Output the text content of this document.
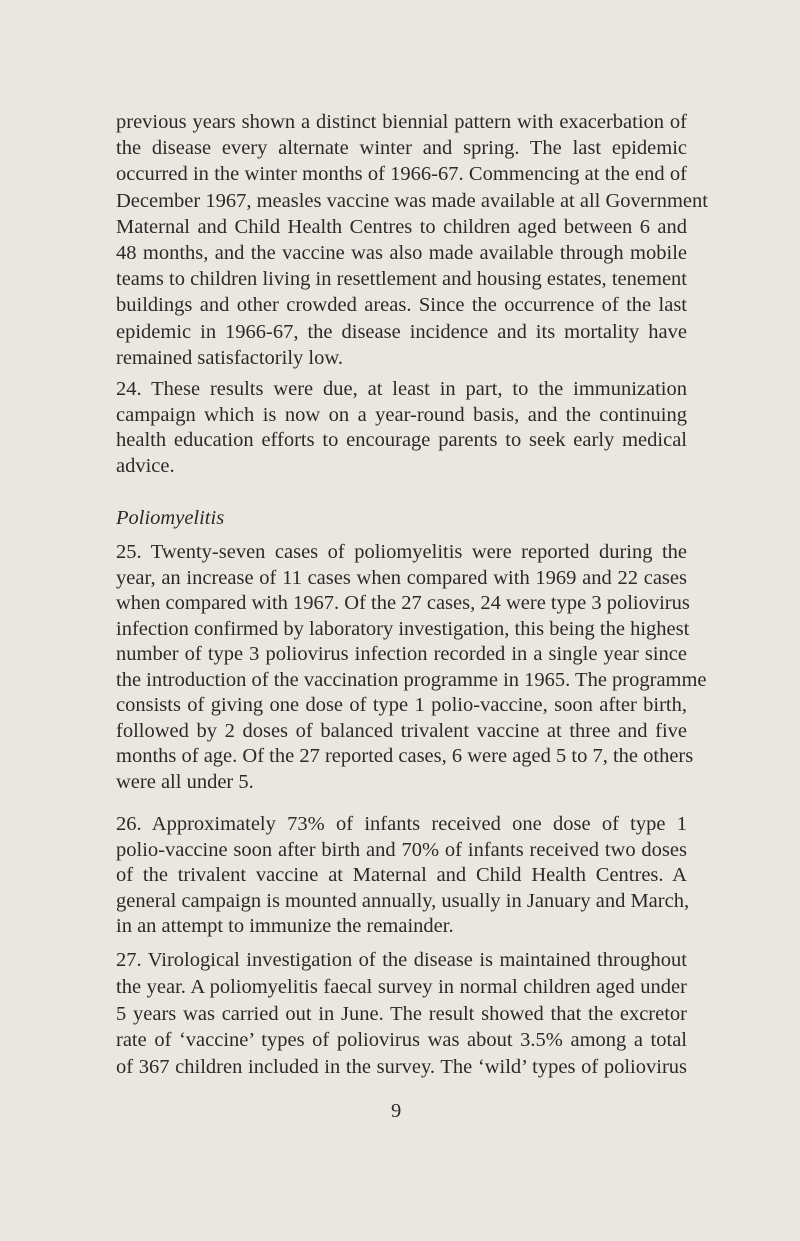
previous years shown a distinct biennial pattern with exacerbation of
the disease every alternate winter and spring. The last epidemic
occurred in the winter months of 1966-67. Commencing at the end of
December 1967, measles vaccine was made available at all Government
Maternal and Child Health Centres to children aged between 6 and
48 months, and the vaccine was also made available through mobile
teams to children living in resettlement and housing estates, tenement
buildings and other crowded areas. Since the occurrence of the last
epidemic in 1966-67, the disease incidence and its mortality have
remained satisfactorily low.
24. These results were due, at least in part, to the immunization
campaign which is now on a year-round basis, and the continuing
health education efforts to encourage parents to seek early medical
advice.
Poliomyelitis
25. Twenty-seven cases of poliomyelitis were reported during the
year, an increase of 11 cases when compared with 1969 and 22 cases
when compared with 1967. Of the 27 cases, 24 were type 3 poliovirus
infection confirmed by laboratory investigation, this being the highest
number of type 3 poliovirus infection recorded in a single year since
the introduction of the vaccination programme in 1965. The programme
consists of giving one dose of type 1 polio-vaccine, soon after birth,
followed by 2 doses of balanced trivalent vaccine at three and five
months of age. Of the 27 reported cases, 6 were aged 5 to 7, the others
were all under 5.
26. Approximately 73% of infants received one dose of type 1
polio-vaccine soon after birth and 70% of infants received two doses
of the trivalent vaccine at Maternal and Child Health Centres. A
general campaign is mounted annually, usually in January and March,
in an attempt to immunize the remainder.
27. Virological investigation of the disease is maintained throughout
the year. A poliomyelitis faecal survey in normal children aged under
5 years was carried out in June. The result showed that the excretor
rate of ‘vaccine’ types of poliovirus was about 3.5% among a total
of 367 children included in the survey. The ‘wild’ types of poliovirus
9
